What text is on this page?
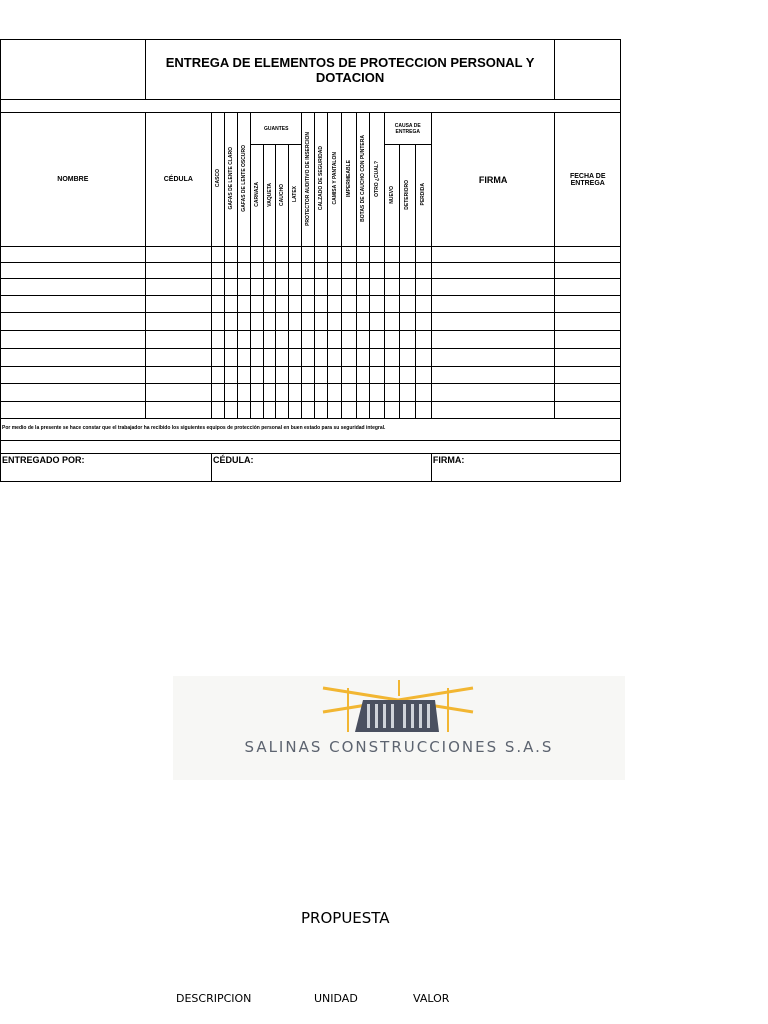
	ENTREGA DE ELEMENTOS DE PROTECCION PERSONAL Y DOTACION																		

NOMBRE	CÉDULA	CASCO	GAFAS DE LENTE CLARO	GAFAS DE LENTE OSCURO	GUANTES				PROTECTOR AUDITIVO DE INSERCION	CALZADO DE SEGURIDAD	CAMISA Y PANTALON	IMPERMEABLE	BOTAS DE CAUCHO CON PUNTERA	OTRO ¿CUAL?	CAUSA DE ENTREGA			FIRMA	FECHA DE ENTREGA
					CARNAZA	VAQUETA	CAUCHO	LATEX							NUEVO	DETERIORO	PERDIDA		

Por medio de la presente se hace constar que el trabajador ha recibido los siguientes equipos de protección personal en buen estado para su seguridad integral.																			

ENTREGADO POR:		CÉDULA:																FIRMA:	
SALINAS CONSTRUCCIONES S.A.S
PROPUESTA
DESCRIPCION	UNIDAD	VALOR
